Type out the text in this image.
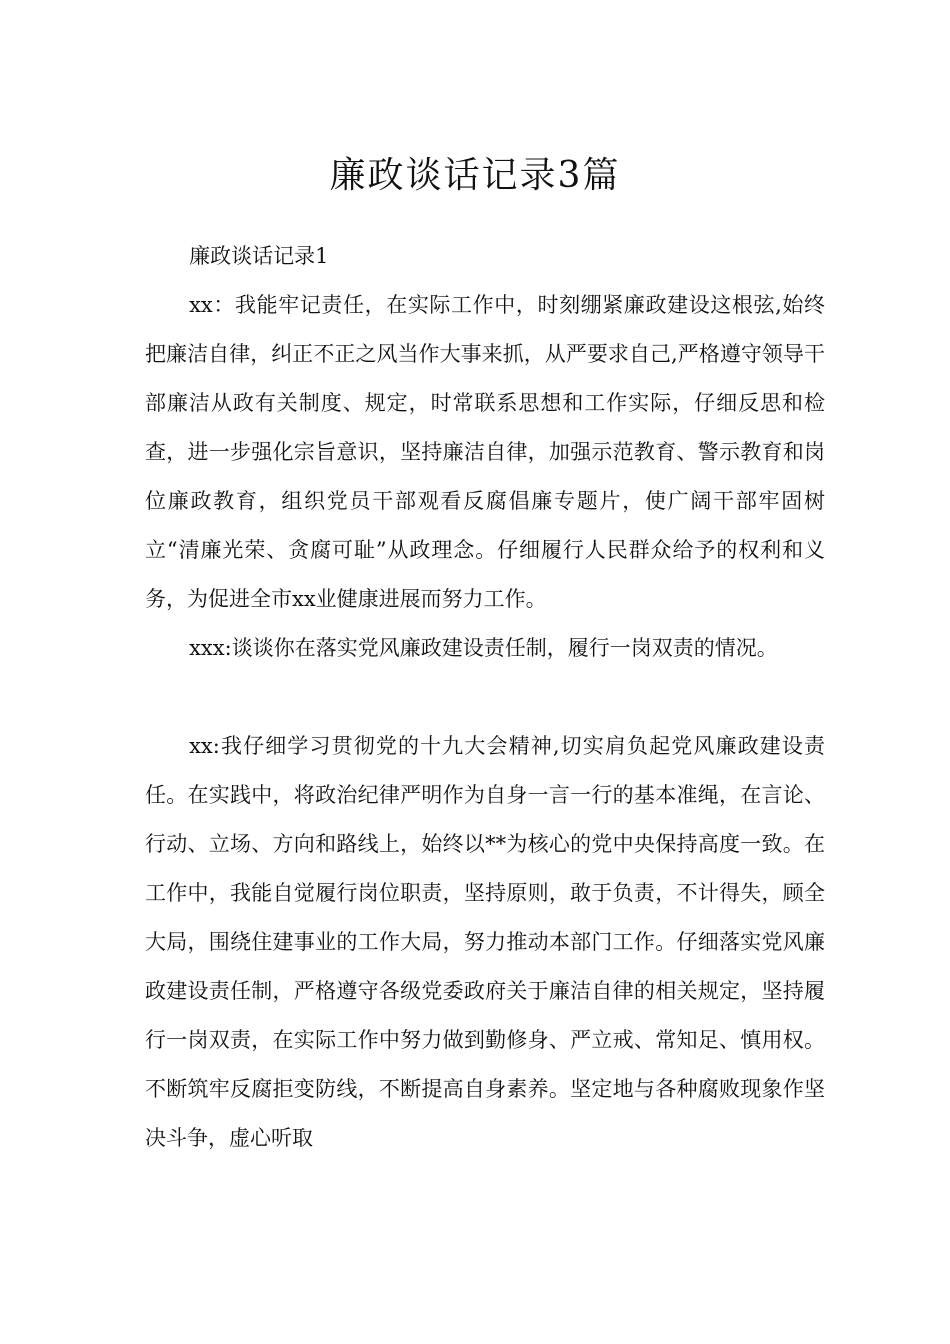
廉政谈话记录3篇

廉政谈话记录1

xx：我能牢记责任，在实际工作中，时刻绷紧廉政建设这根弦,始终把廉洁自律，纠正不正之风当作大事来抓，从严要求自己,严格遵守领导干部廉洁从政有关制度、规定，时常联系思想和工作实际，仔细反思和检查，进一步强化宗旨意识，坚持廉洁自律，加强示范教育、警示教育和岗位廉政教育，组织党员干部观看反腐倡廉专题片，使广阔干部牢固树立“清廉光荣、贪腐可耻”从政理念。仔细履行人民群众给予的权利和义务，为促进全市xx业健康进展而努力工作。

xxx:谈谈你在落实党风廉政建设责任制，履行一岗双责的情况。

xx:我仔细学习贯彻党的十九大会精神,切实肩负起党风廉政建设责任。在实践中，将政治纪律严明作为自身一言一行的基本准绳，在言论、行动、立场、方向和路线上，始终以**为核心的党中央保持高度一致。在工作中，我能自觉履行岗位职责，坚持原则，敢于负责，不计得失，顾全大局，围绕住建事业的工作大局，努力推动本部门工作。仔细落实党风廉政建设责任制，严格遵守各级党委政府关于廉洁自律的相关规定，坚持履行一岗双责，在实际工作中努力做到勤修身、严立戒、常知足、慎用权。 不断筑牢反腐拒变防线，不断提高自身素养。坚定地与各种腐败现象作坚决斗争，虚心听取
